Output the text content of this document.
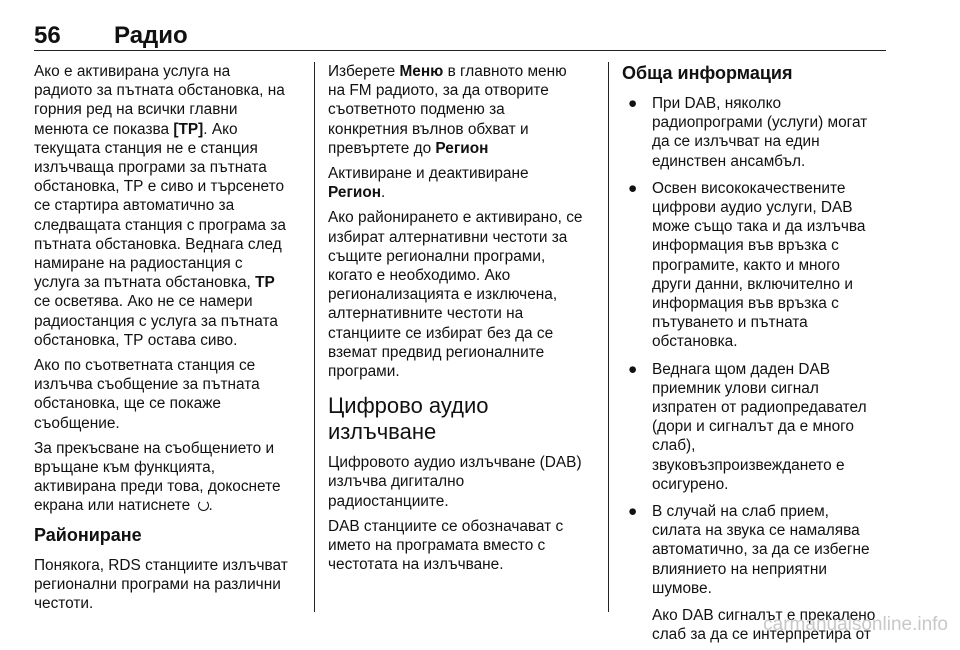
56 Радио

Ако е активирана услуга на
радиото за пътната обстановка, на
горния ред на всички главни
менюта се показва [TP]. Ако
текущата станция не е станция
излъчваща програми за пътната
обстановка, ТР е сиво и търсенето
се стартира автоматично за
следващата станция с програма за
пътната обстановка. Веднага след
намиране на радиостанция с
услуга за пътната обстановка, TP
се осветява. Ако не се намери
радиостанция с услуга за пътната
обстановка, ТР остава сиво.

Ако по съответната станция се
излъчва съобщение за пътната
обстановка, ще се покаже
съобщение.

За прекъсване на съобщението и
връщане към функцията,
активирана преди това, докоснете
екрана или натиснете .

Райониране

Понякога, RDS станциите излъчват
регионални програми на различни
честоти.

Изберете Меню в главното меню
на FM радиото, за да отворите
съответното подменю за
конкретния вълнов обхват и
превъртете до Регион

Активиране и деактивиране
Регион.

Ако районирането е активирано, се
избират алтернативни честоти за
същите регионални програми,
когато е необходимо. Ако
регионализацията е изключена,
алтернативните честоти на
станциите се избират без да се
вземат предвид регионалните
програми.

Цифрово аудио
излъчване

Цифровото аудио излъчване (DAB)
излъчва дигитално
радиостанциите.

DAB станциите се обозначават с
името на програмата вместо с
честотата на излъчване.

Обща информация
● При DAB, няколко
радиопрограми (услуги) могат
да се излъчват на един
единствен ансамбъл.
● Освен висококачествените
цифрови аудио услуги, DAB
може също така и да излъчва
информация във връзка с
програмите, както и много
други данни, включително и
информация във връзка с
пътуването и пътната
обстановка.
● Веднага щом даден DAB
приемник улови сигнал
изпратен от радиопредавател
(дори и сигналът да е много
слаб),
звуковъзпроизвеждането е
осигурено.
● В случай на слаб прием,
силата на звука се намалява
автоматично, за да се избегне
влиянието на неприятни
шумове.

Ако DAB сигналът е прекалено
слаб за да се интерпретира от

carmanualsonline.info
